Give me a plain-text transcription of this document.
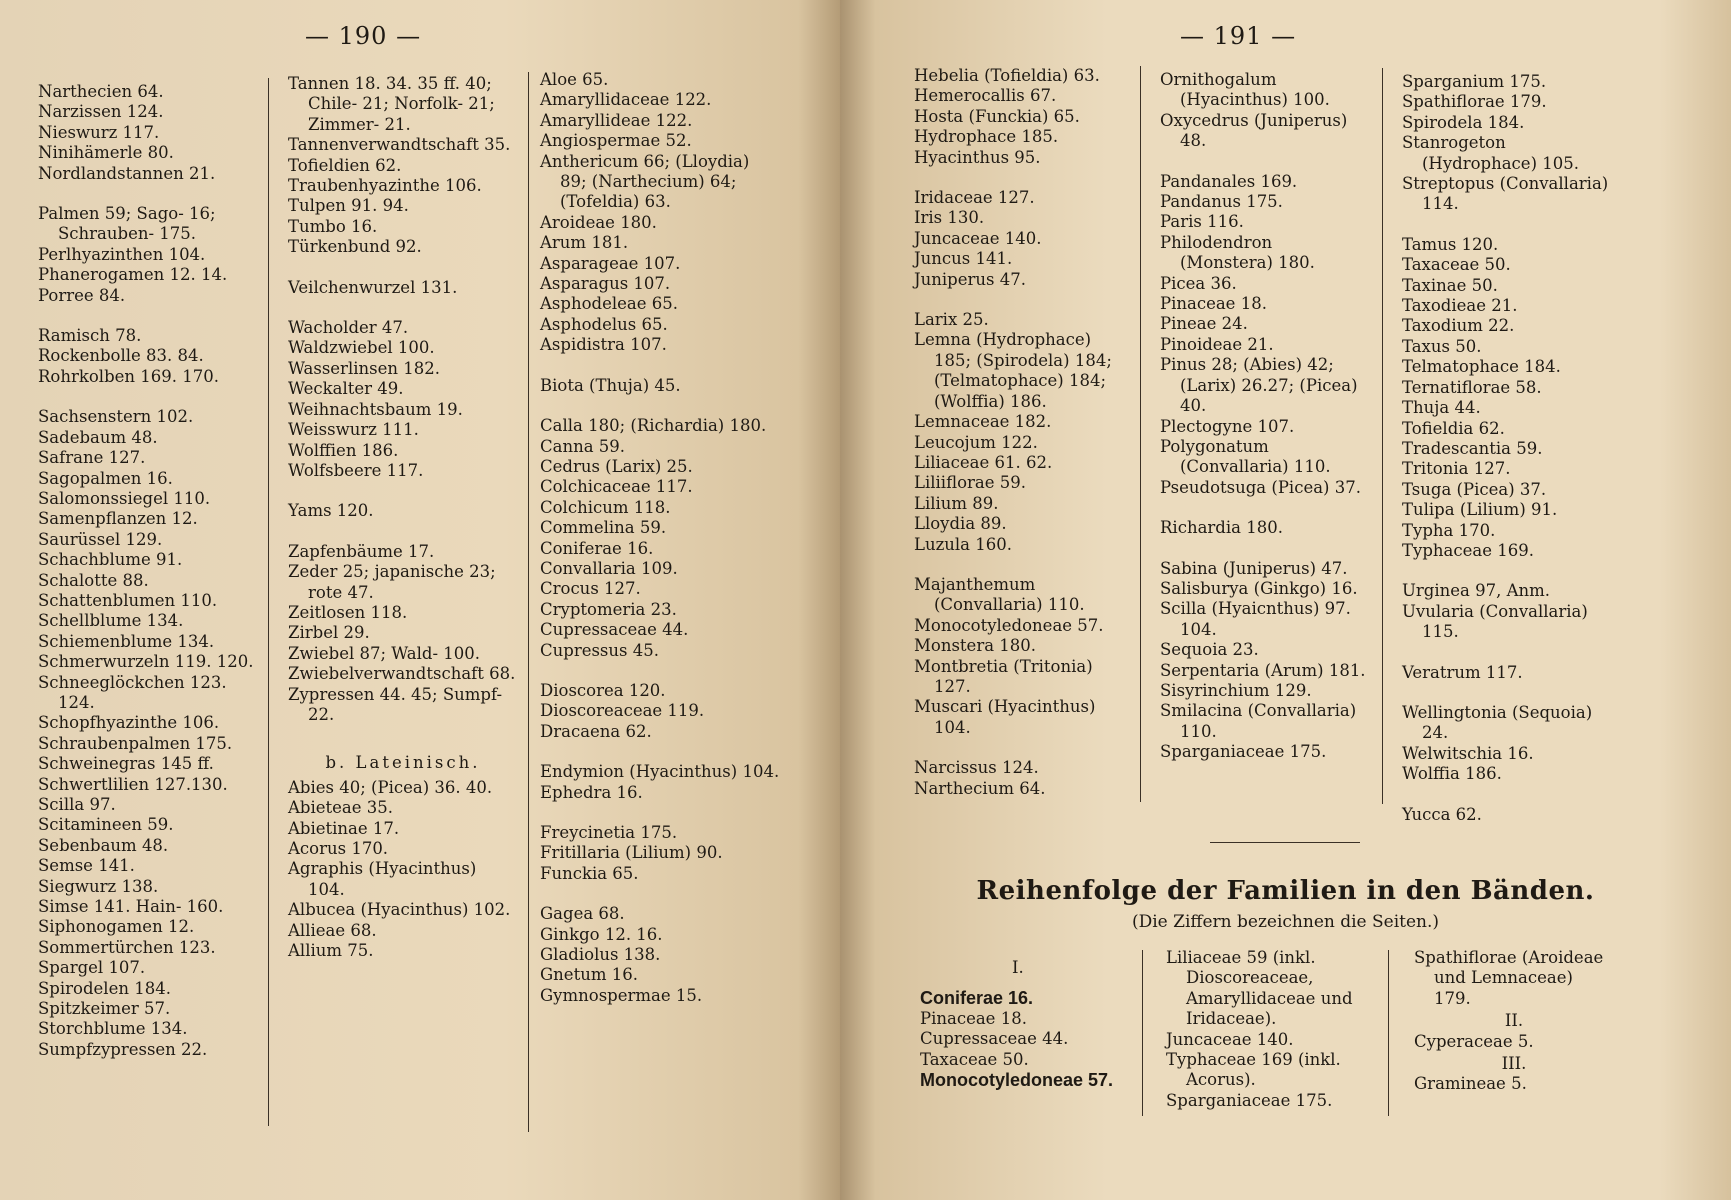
— 190 —
Narthecien 64.
Narzissen 124.
Nieswurz 117.
Ninihämerle 80.
Nordlandstannen 21.
Palmen 59; Sago- 16; Schrauben- 175.
Perlhyazinthen 104.
Phanerogamen 12. 14.
Porree 84.
Ramisch 78.
Rockenbolle 83. 84.
Rohrkolben 169. 170.
Sachsenstern 102.
Sadebaum 48.
Safrane 127.
Sagopalmen 16.
Salomonssiegel 110.
Samenpflanzen 12.
Saurüssel 129.
Schachblume 91.
Schalotte 88.
Schattenblumen 110.
Schellblume 134.
Schiemenblume 134.
Schmerwurzeln 119. 120.
Schneeglöckchen 123. 124.
Schopfhyazinthe 106.
Schraubenpalmen 175.
Schweinegras 145 ff.
Schwertlilien 127.130.
Scilla 97.
Scitamineen 59.
Sebenbaum 48.
Semse 141.
Siegwurz 138.
Simse 141. Hain- 160.
Siphonogamen 12.
Sommertürchen 123.
Spargel 107.
Spirodelen 184.
Spitzkeimer 57.
Storchblume 134.
Sumpfzypressen 22.
Tannen 18. 34. 35 ff. 40; Chile- 21; Norfolk- 21; Zimmer- 21.
Tannenverwandtschaft 35.
Tofieldien 62.
Traubenhyazinthe 106.
Tulpen 91. 94.
Tumbo 16.
Türkenbund 92.
Veilchenwurzel 131.
Wacholder 47.
Waldzwiebel 100.
Wasserlinsen 182.
Weckalter 49.
Weihnachtsbaum 19.
Weisswurz 111.
Wolffien 186.
Wolfsbeere 117.
Yams 120.
Zapfenbäume 17.
Zeder 25; japanische 23; rote 47.
Zeitlosen 118.
Zirbel 29.
Zwiebel 87; Wald- 100.
Zwiebelverwandtschaft 68.
Zypressen 44. 45; Sumpf- 22.
b. Lateinisch.
Abies 40; (Picea) 36. 40.
Abieteae 35.
Abietinae 17.
Acorus 170.
Agraphis (Hyacinthus) 104.
Albucea (Hyacinthus) 102.
Allieae 68.
Allium 75.
Aloe 65.
Amaryllidaceae 122.
Amaryllideae 122.
Angiospermae 52.
Anthericum 66; (Lloydia) 89; (Narthecium) 64; (Tofeldia) 63.
Aroideae 180.
Arum 181.
Asparageae 107.
Asparagus 107.
Asphodeleae 65.
Asphodelus 65.
Aspidistra 107.
Biota (Thuja) 45.
Calla 180; (Richardia) 180.
Canna 59.
Cedrus (Larix) 25.
Colchicaceae 117.
Colchicum 118.
Commelina 59.
Coniferae 16.
Convallaria 109.
Crocus 127.
Cryptomeria 23.
Cupressaceae 44.
Cupressus 45.
Dioscorea 120.
Dioscoreaceae 119.
Dracaena 62.
Endymion (Hyacinthus) 104.
Ephedra 16.
Freycinetia 175.
Fritillaria (Lilium) 90.
Funckia 65.
Gagea 68.
Ginkgo 12. 16.
Gladiolus 138.
Gnetum 16.
Gymnospermae 15.
— 191 —
Hebelia (Tofieldia) 63.
Hemerocallis 67.
Hosta (Funckia) 65.
Hydrophace 185.
Hyacinthus 95.
Iridaceae 127.
Iris 130.
Juncaceae 140.
Juncus 141.
Juniperus 47.
Larix 25.
Lemna (Hydrophace) 185; (Spirodela) 184; (Telmatophace) 184; (Wolffia) 186.
Lemnaceae 182.
Leucojum 122.
Liliaceae 61. 62.
Liliiflorae 59.
Lilium 89.
Lloydia 89.
Luzula 160.
Majanthemum (Convallaria) 110.
Monocotyledoneae 57.
Monstera 180.
Montbretia (Tritonia) 127.
Muscari (Hyacinthus) 104.
Narcissus 124.
Narthecium 64.
Ornithogalum (Hyacinthus) 100.
Oxycedrus (Juniperus) 48.
Pandanales 169.
Pandanus 175.
Paris 116.
Philodendron (Monstera) 180.
Picea 36.
Pinaceae 18.
Pineae 24.
Pinoideae 21.
Pinus 28; (Abies) 42; (Larix) 26.27; (Picea) 40.
Plectogyne 107.
Polygonatum (Convallaria) 110.
Pseudotsuga (Picea) 37.
Richardia 180.
Sabina (Juniperus) 47.
Salisburya (Ginkgo) 16.
Scilla (Hyaicnthus) 97. 104.
Sequoia 23.
Serpentaria (Arum) 181.
Sisyrinchium 129.
Smilacina (Convallaria) 110.
Sparganiaceae 175.
Sparganium 175.
Spathiflorae 179.
Spirodela 184.
Stanrogeton (Hydrophace) 105.
Streptopus (Convallaria) 114.
Tamus 120.
Taxaceae 50.
Taxinae 50.
Taxodieae 21.
Taxodium 22.
Taxus 50.
Telmatophace 184.
Ternatiflorae 58.
Thuja 44.
Tofieldia 62.
Tradescantia 59.
Tritonia 127.
Tsuga (Picea) 37.
Tulipa (Lilium) 91.
Typha 170.
Typhaceae 169.
Urginea 97, Anm.
Uvularia (Convallaria) 115.
Veratrum 117.
Wellingtonia (Sequoia) 24.
Welwitschia 16.
Wolffia 186.
Yucca 62.
Reihenfolge der Familien in den Bänden.
(Die Ziffern bezeichnen die Seiten.)
I.
Coniferae 16.
Pinaceae 18.
Cupressaceae 44.
Taxaceae 50.
Monocotyledoneae 57.
Liliaceae 59 (inkl. Dioscoreaceae, Amaryllidaceae und Iridaceae).
Juncaceae 140.
Typhaceae 169 (inkl. Acorus).
Sparganiaceae 175.
Spathiflorae (Aroideae und Lemnaceae) 179.
II.
Cyperaceae 5.
III.
Gramineae 5.
